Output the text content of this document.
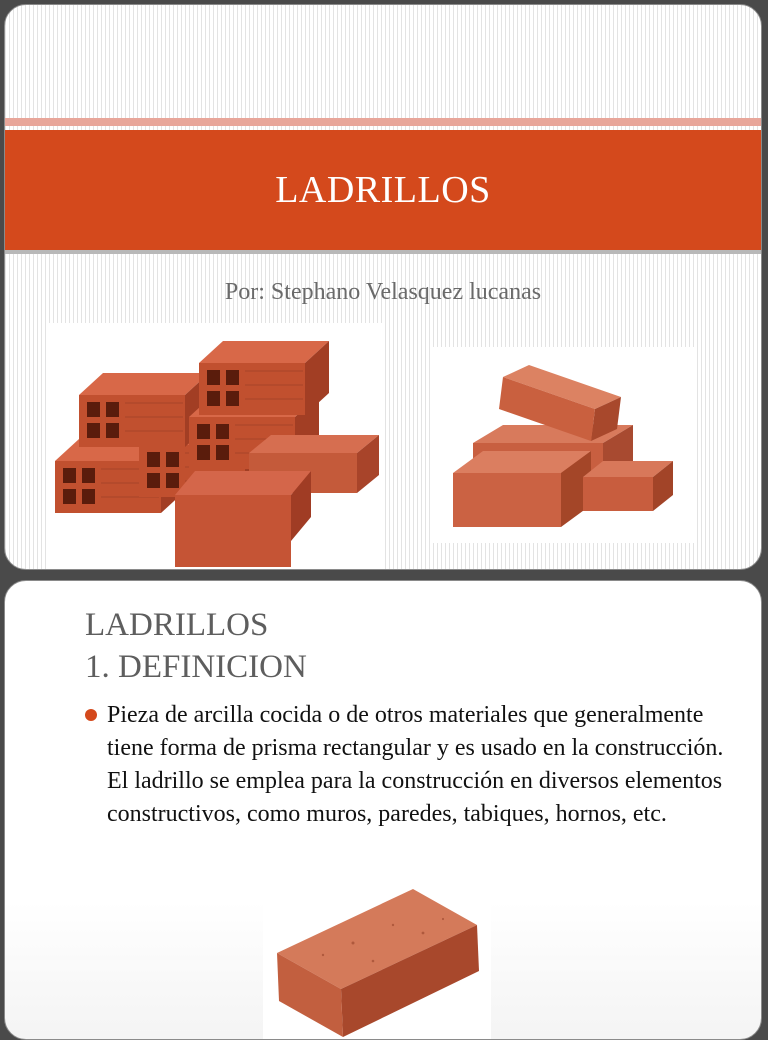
LADRILLOS
Por: Stephano Velasquez lucanas
LADRILLOS
1. DEFINICION
Pieza de arcilla cocida o de otros materiales que generalmente tiene forma de prisma rectangular y es usado en la construcción. El ladrillo se emplea para la construcción en diversos elementos constructivos, como muros, paredes, tabiques, hornos, etc.
